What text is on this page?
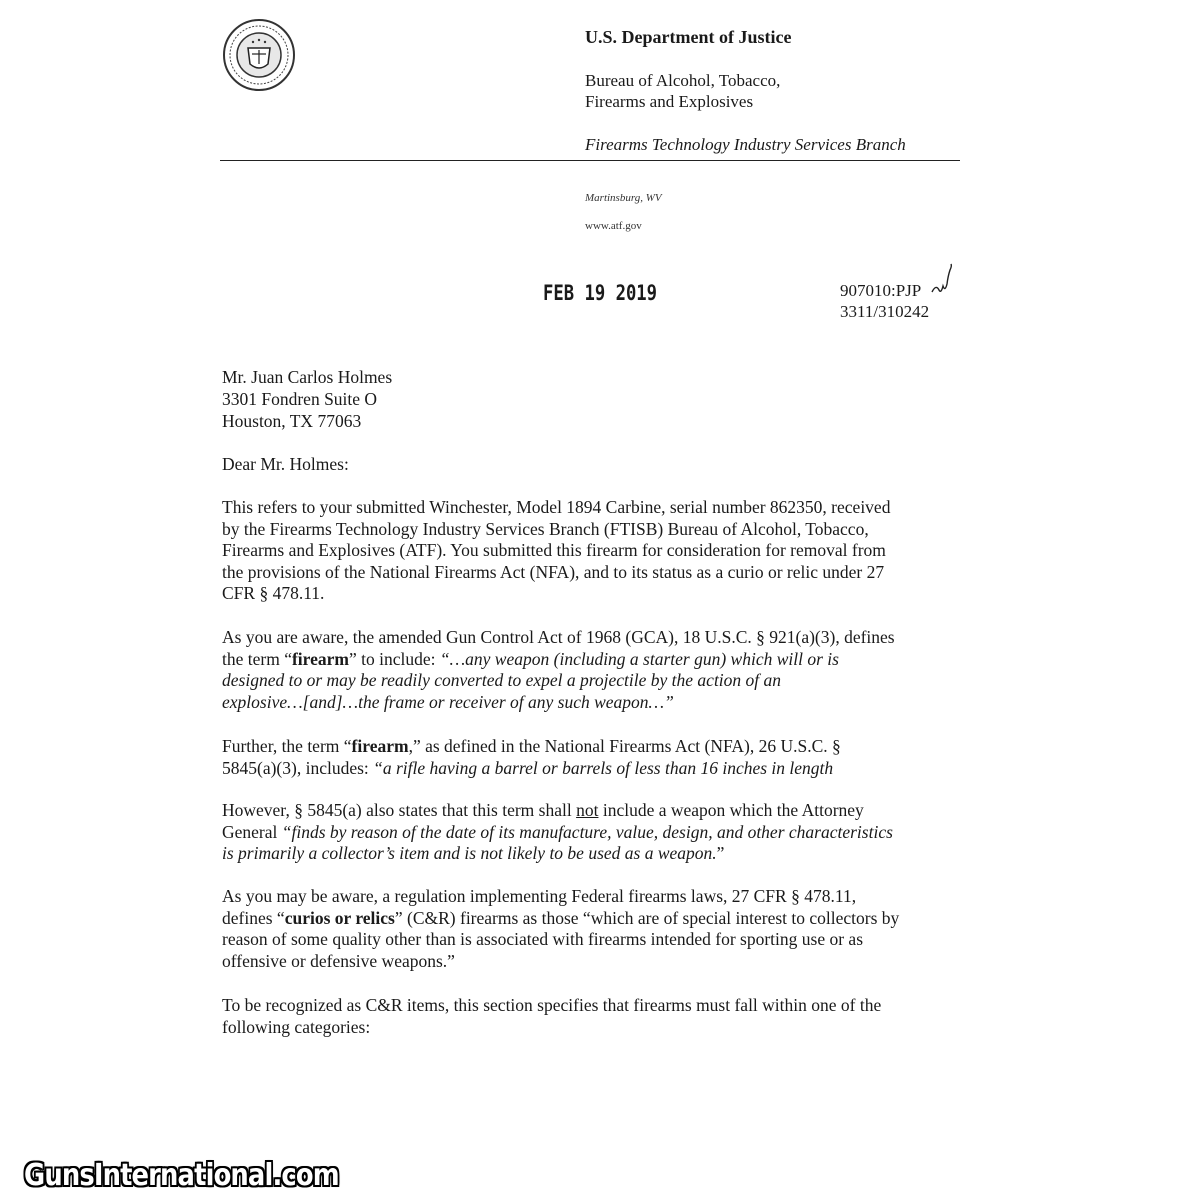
U.S. Department of Justice
Bureau of Alcohol, Tobacco,
Firearms and Explosives
Firearms Technology Industry Services Branch
Martinsburg, WV
www.atf.gov
FEB 19 2019	907010:PJP
3311/310242
Mr. Juan Carlos Holmes
3301 Fondren Suite O
Houston, TX 77063
Dear Mr. Holmes:
This refers to your submitted Winchester, Model 1894 Carbine, serial number 862350, received
by the Firearms Technology Industry Services Branch (FTISB) Bureau of Alcohol, Tobacco,
Firearms and Explosives (ATF). You submitted this firearm for consideration for removal from
the provisions of the National Firearms Act (NFA), and to its status as a curio or relic under 27
CFR § 478.11.
As you are aware, the amended Gun Control Act of 1968 (GCA), 18 U.S.C. § 921(a)(3), defines
the term “firearm” to include: “…any weapon (including a starter gun) which will or is
designed to or may be readily converted to expel a projectile by the action of an
explosive…[and]…the frame or receiver of any such weapon…”
Further, the term “firearm,” as defined in the National Firearms Act (NFA), 26 U.S.C. §
5845(a)(3), includes: “a rifle having a barrel or barrels of less than 16 inches in length
However, § 5845(a) also states that this term shall not include a weapon which the Attorney
General “finds by reason of the date of its manufacture, value, design, and other characteristics
is primarily a collector’s item and is not likely to be used as a weapon.”
As you may be aware, a regulation implementing Federal firearms laws, 27 CFR § 478.11,
defines “curios or relics” (C&R) firearms as those “which are of special interest to collectors by
reason of some quality other than is associated with firearms intended for sporting use or as
offensive or defensive weapons.”
To be recognized as C&R items, this section specifies that firearms must fall within one of the
following categories:
GunsInternational.com
